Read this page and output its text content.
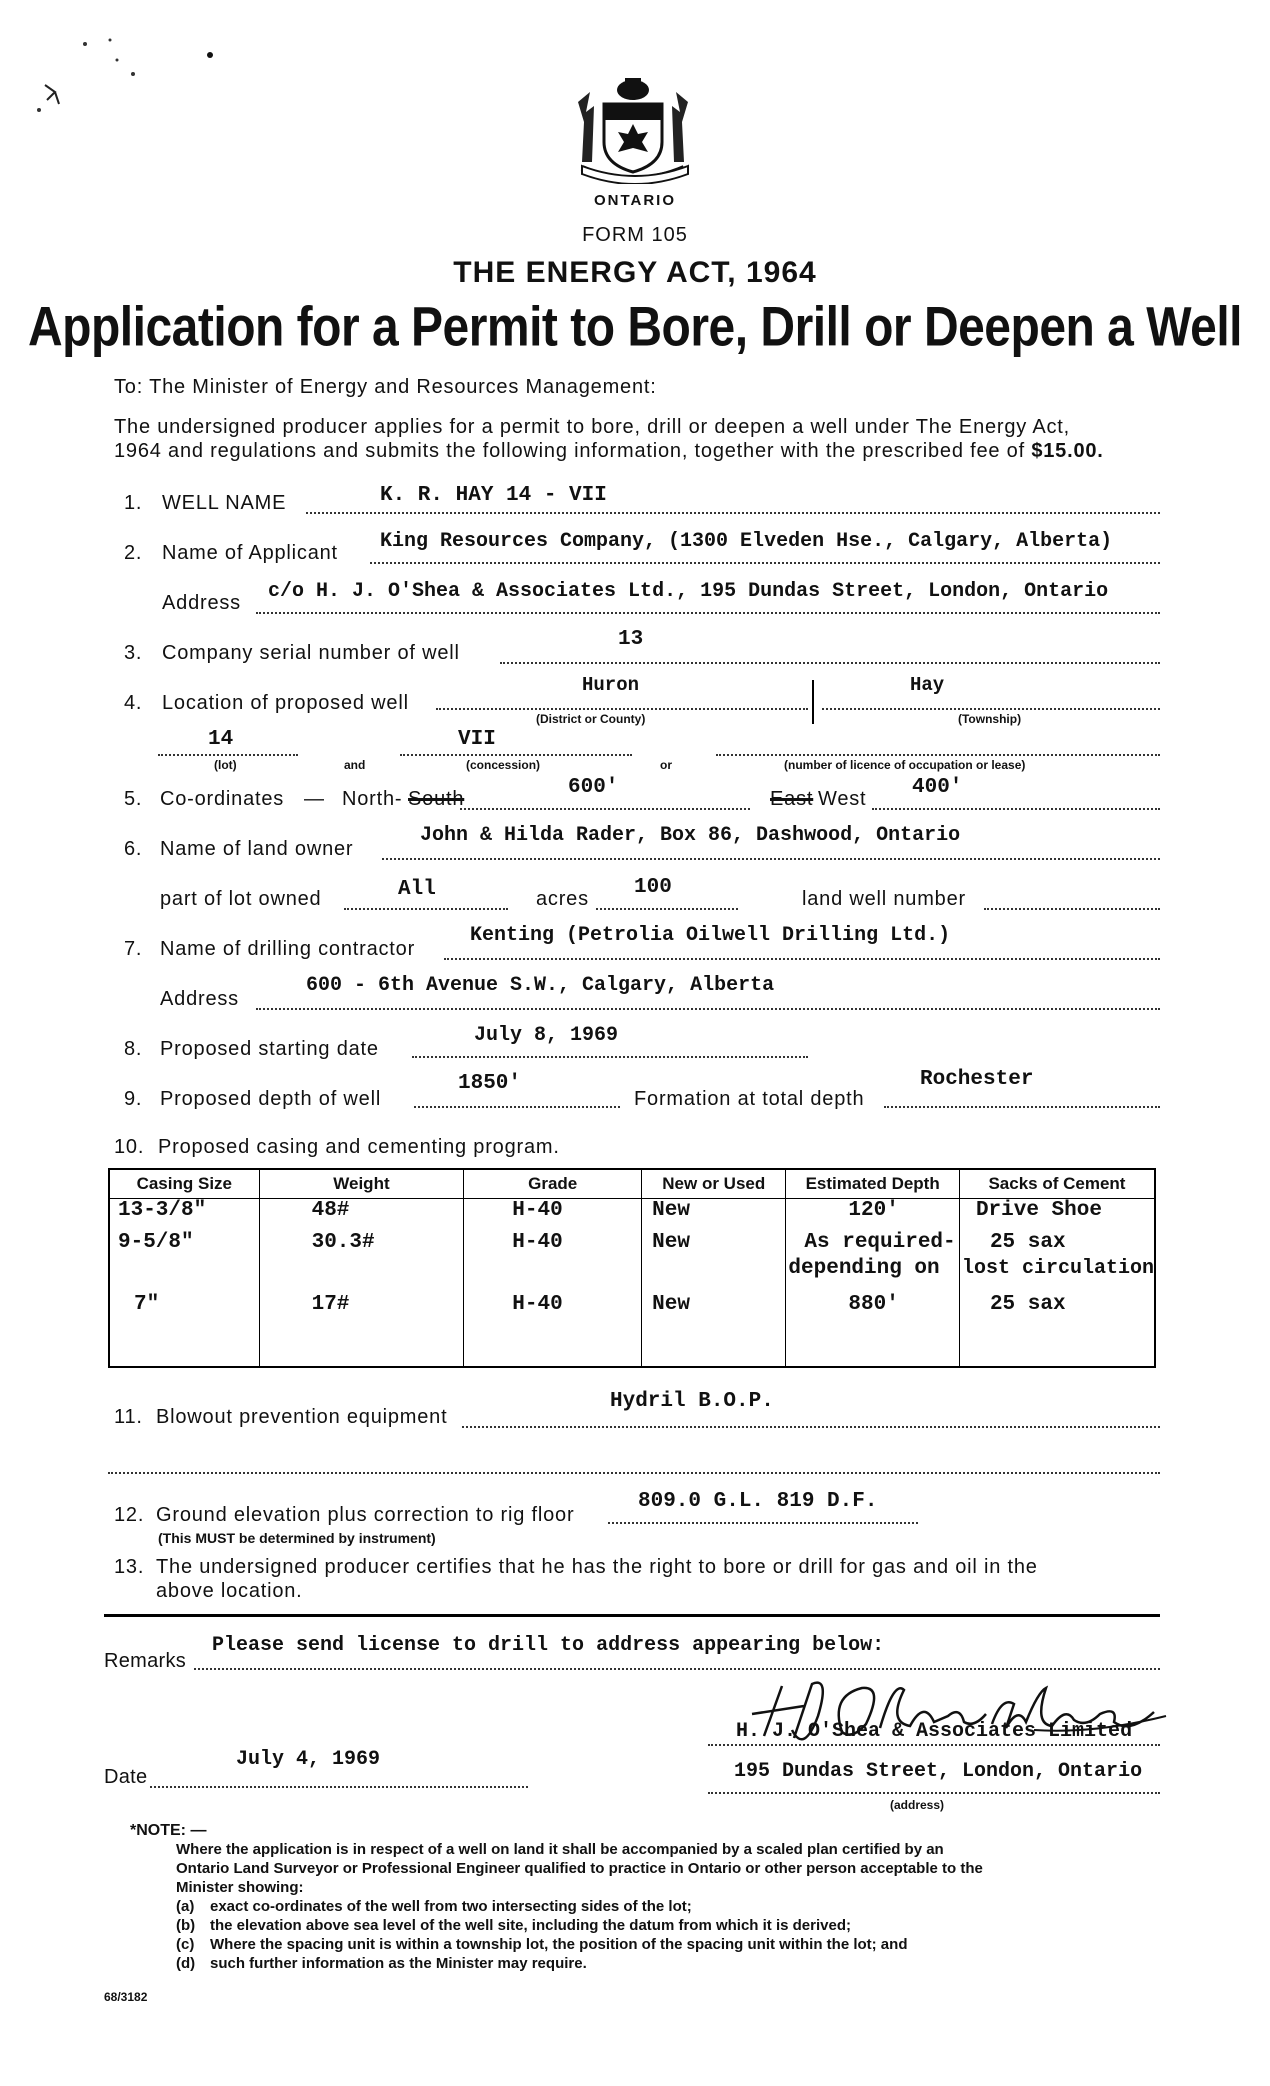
ONTARIO
FORM 105
THE ENERGY ACT, 1964
Application for a Permit to Bore, Drill or Deepen a Well
To: The Minister of Energy and Resources Management:
The undersigned producer applies for a permit to bore, drill or deepen a well under The Energy Act,
1964 and regulations and submits the following information, together with the prescribed fee of $15.00.
1. WELL NAME	K. R. HAY 14 - VII
2. Name of Applicant King Resources Company, (1300 Elveden Hse., Calgary, Alberta)
Address c/o H. J. O'Shea & Associates Ltd., 195 Dundas Street, London, Ontario
3. Company serial number of well
13
4. Location of proposed well
Huron	Hay
(District or County)	(Township)
14	VII
(lot)	and	(concession)	or	(number of licence of occupation or lease)
5. Co-ordinates — North- South	600'	East West 400'
6. Name of land owner
John & Hilda Rader, Box 86, Dashwood, Ontario
part of lot owned	All	acres 100	land well number
7. Name of drilling contractor
Kenting (Petrolia Oilwell Drilling Ltd.)
Address
600 - 6th Avenue S.W., Calgary, Alberta
8. Proposed starting date
July 8, 1969
9. Proposed depth of well
1850'
Formation at total depth
Rochester
10. Proposed casing and cementing program.
Casing Size	Weight	Grade	New or Used	Estimated Depth	Sacks of Cement
13-3/8"	48#	H-40	New	120'	Drive Shoe
9-5/8"	30.3#	H-40	New	As required-	25 sax
				depending on	lost circulation
7"	17#	H-40	New	880'	25 sax
11. Blowout prevention equipment
Hydril B.O.P.
12. Ground elevation plus correction to rig floor
809.0 G.L. 819 D.F.
(This MUST be determined by instrument)
13. The undersigned producer certifies that he has the right to bore or drill for gas and oil in the
above location.
Remarks
Please send license to drill to address appearing below:
H. J. O'Shea & Associates Limited
195 Dundas Street, London, Ontario
(address)
Date
July 4, 1969
*NOTE: —
Where the application is in respect of a well on land it shall be accompanied by a scaled plan certified by an
Ontario Land Surveyor or Professional Engineer qualified to practice in Ontario or other person acceptable to the
Minister showing:
(a) exact co-ordinates of the well from two intersecting sides of the lot;
(b) the elevation above sea level of the well site, including the datum from which it is derived;
(c) Where the spacing unit is within a township lot, the position of the spacing unit within the lot; and
(d) such further information as the Minister may require.
68/3182
